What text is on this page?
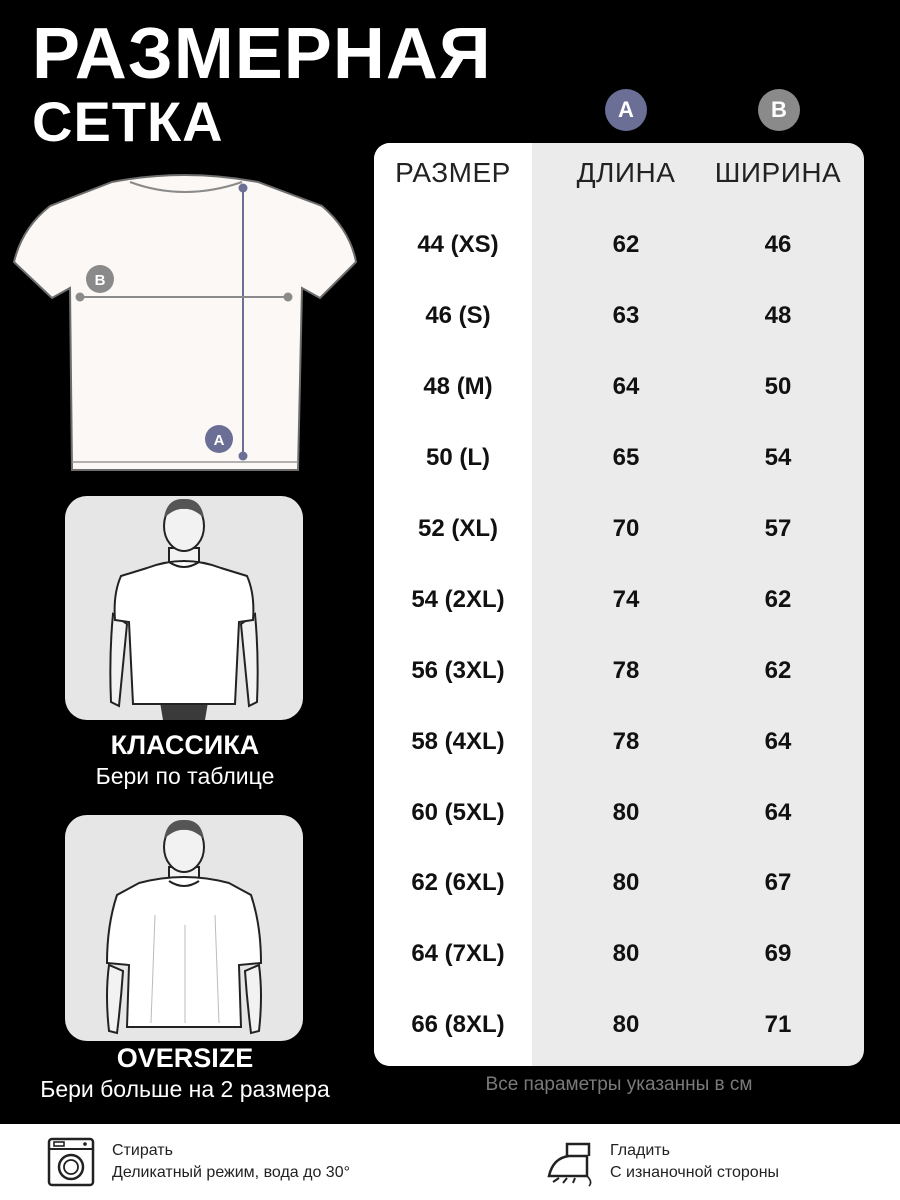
РАЗМЕРНАЯ
СЕТКА	A	B
B
A
КЛАССИКА
Бери по таблице
OVERSIZE
Бери больше на 2 размера
РАЗМЕР	ДЛИНА	ШИРИНА
44 (XS)	62	46
46 (S)	63	48
48 (M)	64	50
50 (L)	65	54
52 (XL)	70	57
54 (2XL)	74	62
56 (3XL)	78	62
58 (4XL)	78	64
60 (5XL)	80	64
62 (6XL)	80	67
64 (7XL)	80	69
66 (8XL)	80	71
Все параметры указанны в см
Стирать
Деликатный режим, вода до 30°
Гладить
С изнаночной стороны
